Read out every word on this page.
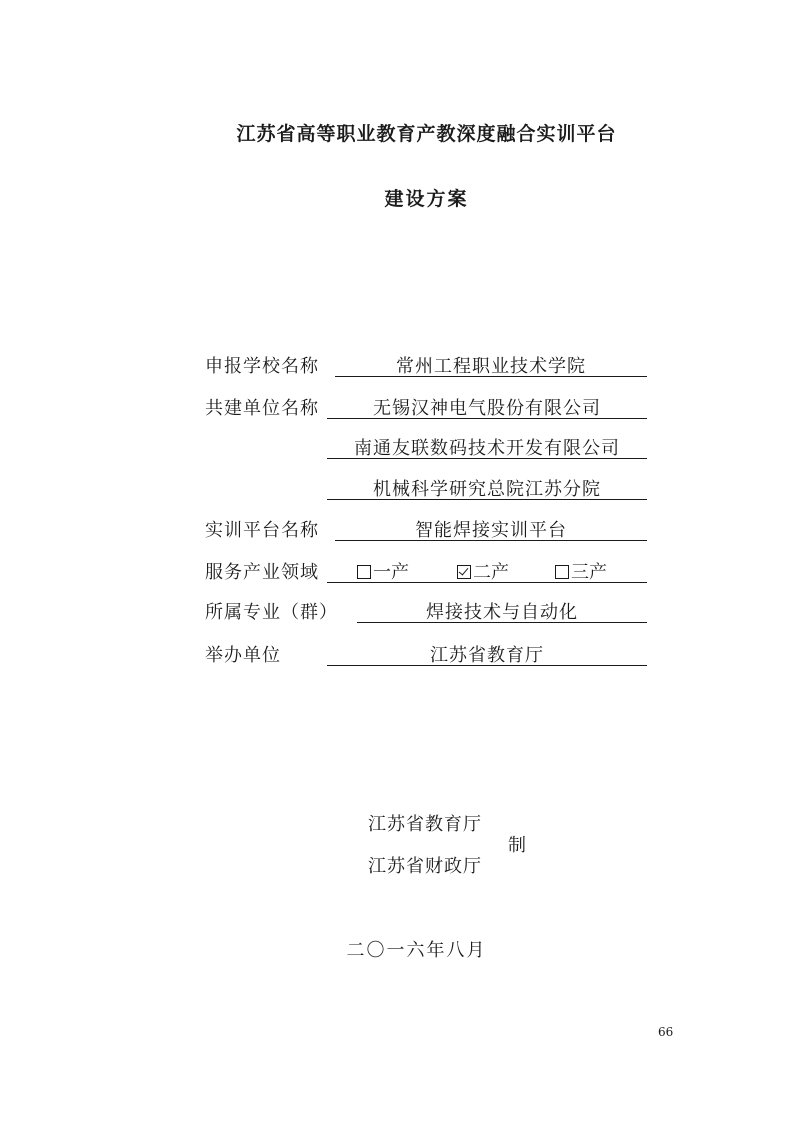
江苏省高等职业教育产教深度融合实训平台
建设方案
申报学校名称	常州工程职业技术学院
共建单位名称	无锡汉神电气股份有限公司
南通友联数码技术开发有限公司
机械科学研究总院江苏分院
实训平台名称	智能焊接实训平台
服务产业领域	一产	二产	三产
所属专业（群）	焊接技术与自动化
举办单位	江苏省教育厅
江苏省教育厅
江苏省财政厅
制
二〇一六年八月
66
